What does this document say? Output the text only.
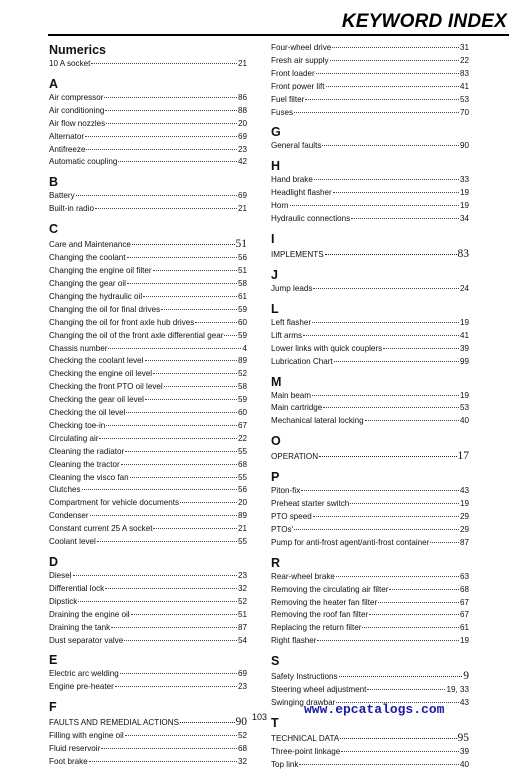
KEYWORD INDEX
Numerics
10 A socket	21
A
Air compressor	86
Air conditioning	88
Air flow nozzles	20
Alternator	69
Antifreeze	23
Automatic coupling	42
B
Battery	69
Built-in radio	21
C
Care and Maintenance	51
Changing the coolant	56
Changing the engine oil filter	51
Changing the gear oil	58
Changing the hydraulic oil	61
Changing the oil for final drives	59
Changing the oil for front axle hub drives	60
Changing the oil of the front axle differential gear 59
Chassis number	4
Checking the coolant level	89
Checking the engine oil level	52
Checking the front PTO oil level	58
Checking the gear oil level	59
Checking the oil level	60
Checking toe-in	67
Circulating air	22
Cleaning the radiator	55
Cleaning the tractor	68
Cleaning the visco fan	55
Clutches	56
Compartment for vehicle documents	20
Condenser	89
Constant current 25 A socket	21
Coolant level	55
D
Diesel	23
Differential lock	32
Dipstick	52
Draining the engine oil	51
Draining the tank	87
Dust separator valve	54
E
Electric arc welding	69
Engine pre-heater	23
F
FAULTS AND REMEDIAL ACTIONS	90
Filling with engine oil	52
Fluid reservoir	68
Foot brake	32
Four-wheel drive	31
Fresh air supply	22
Front loader	83
Front power lift	41
Fuel filter	53
Fuses	70
G
General faults	90
H
Hand brake	33
Headlight flasher	19
Horn	19
Hydraulic connections	34
I
IMPLEMENTS	83
J
Jump leads	24
L
Left flasher	19
Lift arms	41
Lower links with quick couplers	39
Lubrication Chart	99
M
Main beam	19
Main cartridge	53
Mechanical lateral locking	40
O
OPERATION	17
P
Piton-fix	43
Preheat starter switch	19
PTO speed	29
PTOs'	29
Pump for anti-frost agent/anti-frost container	87
R
Rear-wheel brake	63
Removing the circulating air filter	68
Removing the heater fan filter	67
Removing the roof fan filter	67
Replacing the return filter	61
Right flasher	19
S
Safety Instructions	9
Steering wheel adjustment	19, 33
Swinging drawbar	43
T
TECHNICAL DATA	95
Three-point linkage	39
Top link	40
103	www.epcatalogs.com
